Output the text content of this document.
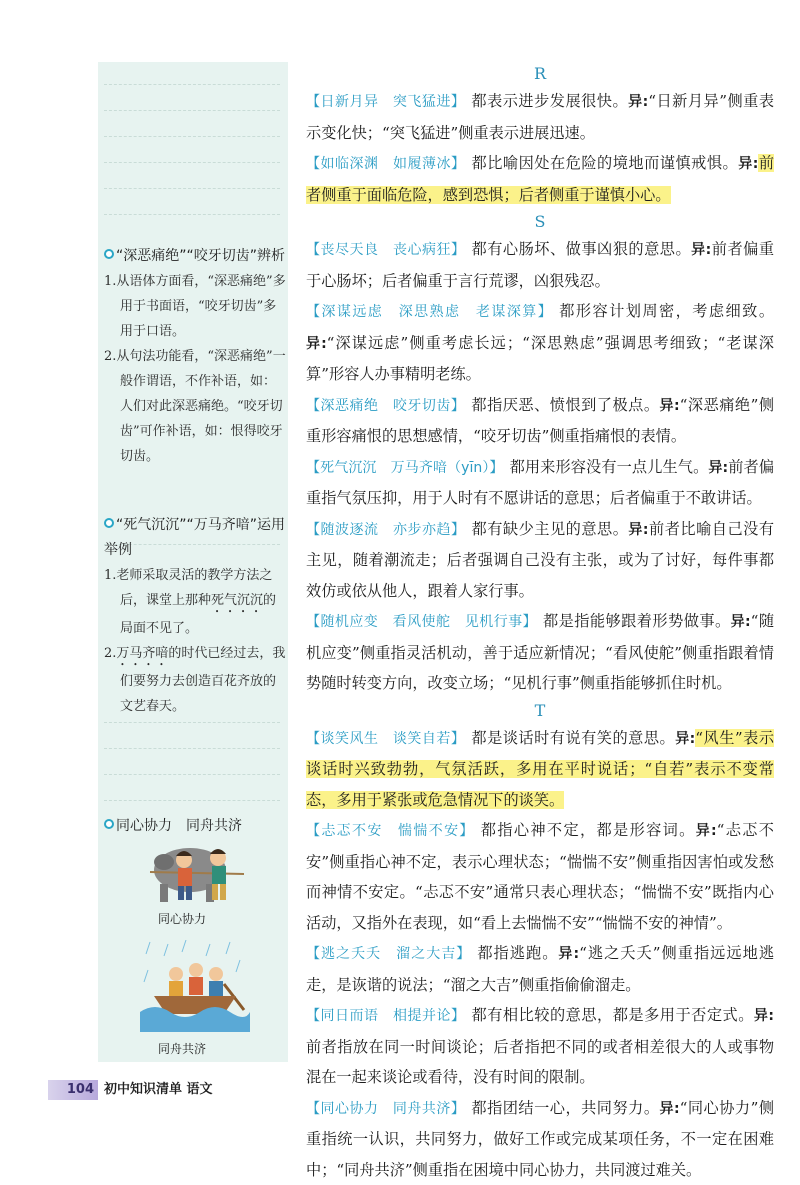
“深恶痛绝”“咬牙切齿”辨析
1.从语体方面看，“深恶痛绝”多用于书面语，“咬牙切齿”多用于口语。
2.从句法功能看，“深恶痛绝”一般作谓语，不作补语，如：人们对此深恶痛绝。“咬牙切齿”可作补语，如：恨得咬牙切齿。
“死气沉沉”“万马齐喑”运用举例
1.老师采取灵活的教学方法之后，课堂上那种死气沉沉的局面不见了。
2.万马齐喑的时代已经过去，我们要努力去创造百花齐放的文艺春天。
同心协力　同舟共济
同心协力
同舟共济

R

【日新月异　突飞猛进】 都表示进步发展很快。异:“日新月异”侧重表示变化快；“突飞猛进”侧重表示进展迅速。

【如临深渊　如履薄冰】 都比喻因处在危险的境地而谨慎戒惧。异:前者侧重于面临危险，感到恐惧；后者侧重于谨慎小心。

S

【丧尽天良　丧心病狂】 都有心肠坏、做事凶狠的意思。异:前者偏重于心肠坏；后者偏重于言行荒谬，凶狠残忍。

【深谋远虑　深思熟虑　老谋深算】 都形容计划周密，考虑细致。异:“深谋远虑”侧重考虑长远；“深思熟虑”强调思考细致；“老谋深算”形容人办事精明老练。

【深恶痛绝　咬牙切齿】 都指厌恶、愤恨到了极点。异:“深恶痛绝”侧重形容痛恨的思想感情，“咬牙切齿”侧重指痛恨的表情。

【死气沉沉　万马齐喑（yīn）】 都用来形容没有一点儿生气。异:前者偏重指气氛压抑，用于人时有不愿讲话的意思；后者偏重于不敢讲话。

【随波逐流　亦步亦趋】 都有缺少主见的意思。异:前者比喻自己没有主见，随着潮流走；后者强调自己没有主张，或为了讨好，每件事都效仿或依从他人，跟着人家行事。

【随机应变　看风使舵　见机行事】 都是指能够跟着形势做事。异:“随机应变”侧重指灵活机动，善于适应新情况；“看风使舵”侧重指跟着情势随时转变方向，改变立场；“见机行事”侧重指能够抓住时机。

T

【谈笑风生　谈笑自若】 都是谈话时有说有笑的意思。异:“风生”表示谈话时兴致勃勃，气氛活跃，多用在平时说话；“自若”表示不变常态，多用于紧张或危急情况下的谈笑。

【忐忑不安　惴惴不安】 都指心神不定，都是形容词。异:“忐忑不安”侧重指心神不定，表示心理状态；“惴惴不安”侧重指因害怕或发愁而神情不安定。“忐忑不安”通常只表心理状态；“惴惴不安”既指内心活动，又指外在表现，如“看上去惴惴不安”“惴惴不安的神情”。

【逃之夭夭　溜之大吉】 都指逃跑。异:“逃之夭夭”侧重指远远地逃走，是诙谐的说法；“溜之大吉”侧重指偷偷溜走。

【同日而语　相提并论】 都有相比较的意思，都是多用于否定式。异:前者指放在同一时间谈论；后者指把不同的或者相差很大的人或事物混在一起来谈论或看待，没有时间的限制。

【同心协力　同舟共济】 都指团结一心，共同努力。异:“同心协力”侧重指统一认识，共同努力，做好工作或完成某项任务，不一定在困难中；“同舟共济”侧重指在困境中同心协力，共同渡过难关。

104 初中知识清单 语文
